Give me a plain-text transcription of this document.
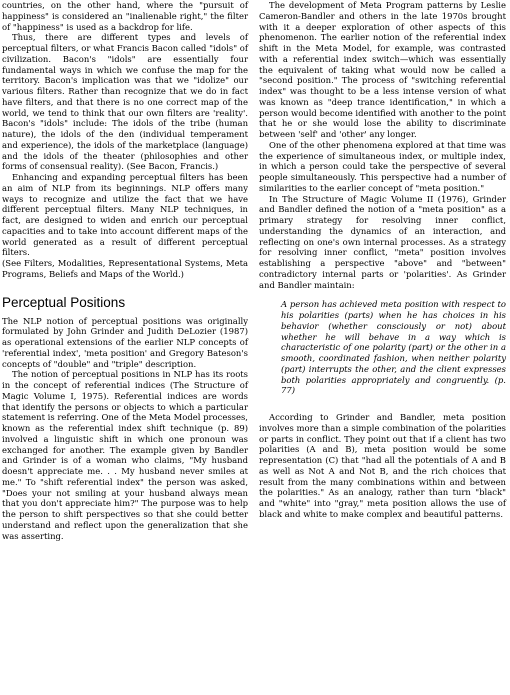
countries, on the other hand, where the "pursuit of happiness" is considered an "inalienable right," the filter of "happiness" is used as a backdrop for life.

Thus, there are different types and levels of perceptual filters, or what Francis Bacon called "idols" of civilization. Bacon's "idols" are essentially four fundamental ways in which we confuse the map for the territory. Bacon's implication was that we "idolize" our various filters. Rather than recognize that we do in fact have filters, and that there is no one correct map of the world, we tend to think that our own filters are 'reality'. Bacon's "idols" include: The idols of the tribe (human nature), the idols of the den (individual temperament and experience), the idols of the marketplace (language) and the idols of the theater (philosophies and other forms of consensual reality). (See Bacon, Francis.)

Enhancing and expanding perceptual filters has been an aim of NLP from its beginnings. NLP offers many ways to recognize and utilize the fact that we have different perceptual filters. Many NLP techniques, in fact, are designed to widen and enrich our perceptual capacities and to take into account different maps of the world generated as a result of different perceptual filters.

(See Filters, Modalities, Representational Systems, Meta Programs, Beliefs and Maps of the World.)

Perceptual Positions

The NLP notion of perceptual positions was originally formulated by John Grinder and Judith DeLozier (1987) as operational extensions of the earlier NLP concepts of 'referential index', 'meta position' and Gregory Bateson's concepts of "double" and "triple" description.

The notion of perceptual positions in NLP has its roots in the concept of referential indices (The Structure of Magic Volume I, 1975). Referential indices are words that identify the persons or objects to which a particular statement is referring. One of the Meta Model processes, known as the referential index shift technique (p. 89) involved a linguistic shift in which one pronoun was exchanged for another. The example given by Bandler and Grinder is of a woman who claims, "My husband doesn't appreciate me. . . My husband never smiles at me." To "shift referential index" the person was asked, "Does your not smiling at your husband always mean that you don't appreciate him?" The purpose was to help the person to shift perspectives so that she could better understand and reflect upon the generalization that she was asserting.

The development of Meta Program patterns by Leslie Cameron-Bandler and others in the late 1970s brought with it a deeper exploration of other aspects of this phenomenon. The earlier notion of the referential index shift in the Meta Model, for example, was contrasted with a referential index switch—which was essentially the equivalent of taking what would now be called a "second position." The process of "switching referential index" was thought to be a less intense version of what was known as "deep trance identification," in which a person would become identified with another to the point that he or she would lose the ability to discriminate between 'self' and 'other' any longer.

One of the other phenomena explored at that time was the experience of simultaneous index, or multiple index, in which a person could take the perspective of several people simultaneously. This perspective had a number of similarities to the earlier concept of "meta position."

In The Structure of Magic Volume II (1976), Grinder and Bandler defined the notion of a "meta position" as a primary strategy for resolving inner conflict, understanding the dynamics of an interaction, and reflecting on one's own internal processes. As a strategy for resolving inner conflict, "meta" position involves establishing a perspective "above" and "between" contradictory internal parts or 'polarities'. As Grinder and Bandler maintain:

A person has achieved meta position with respect to his polarities (parts) when he has choices in his behavior (whether consciously or not) about whether he will behave in a way which is characteristic of one polarity (part) or the other in a smooth, coordinated fashion, when neither polarity (part) interrupts the other, and the client expresses both polarities appropriately and congruently. (p. 77)

According to Grinder and Bandler, meta position involves more than a simple combination of the polarities or parts in conflict. They point out that if a client has two polarities (A and B), meta position would be some representation (C) that "had all the potentials of A and B as well as Not A and Not B, and the rich choices that result from the many combinations within and between the polarities." As an analogy, rather than turn "black" and "white" into "gray," meta position allows the use of black and white to make complex and beautiful patterns.
